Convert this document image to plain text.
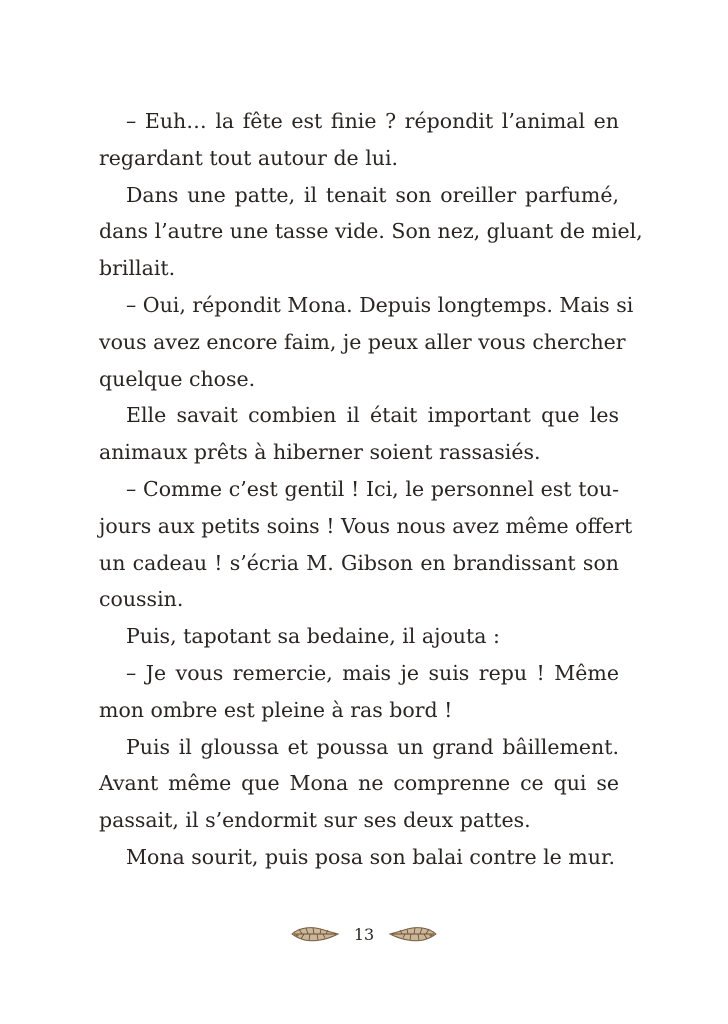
– Euh… la fête est finie ? répondit l’animal en
regardant tout autour de lui.
Dans une patte, il tenait son oreiller parfumé,
dans l’autre une tasse vide. Son nez, gluant de miel,
brillait.
– Oui, répondit Mona. Depuis longtemps. Mais si
vous avez encore faim, je peux aller vous chercher
quelque chose.
Elle savait combien il était important que les
animaux prêts à hiberner soient rassasiés.
– Comme c’est gentil ! Ici, le personnel est tou-
jours aux petits soins ! Vous nous avez même offert
un cadeau ! s’écria M. Gibson en brandissant son
coussin.
Puis, tapotant sa bedaine, il ajouta :
– Je vous remercie, mais je suis repu ! Même
mon ombre est pleine à ras bord !
Puis il gloussa et poussa un grand bâillement.
Avant même que Mona ne comprenne ce qui se
passait, il s’endormit sur ses deux pattes.
Mona sourit, puis posa son balai contre le mur.
13
